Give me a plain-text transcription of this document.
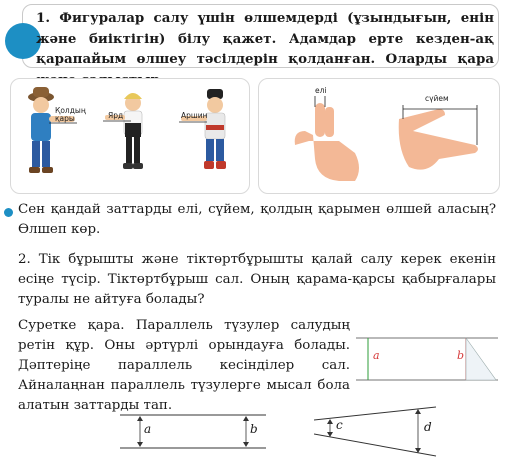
1. Фигуралар салу үшін өлшемдерді (ұзындығын, енін және биіктігін) білу қажет. Адамдар ерте кезден-ақ қарапайым өлшеу тәсілдерін қолданған. Оларды қара
Қолдың қары	Ярд	Аршин
елі
сүйем
Сен қандай заттарды елі, сүйем, қолдың қарымен өлшей аласың? Өлшеп көр.
2. Тік бұрышты және тіктөртбұрышты қалай салу керек екенін есіңе түсір. Тіктөртбұрыш сал. Оның қарама-қарсы қабырғалары туралы не айтуға болады?
Суретке қара. Параллель түзулер салудың ретін құр. Оны әртүрлі орындауға болады. Дәптеріңе параллель кесінділер сал. Айналаңнан параллель түзулерге мысал бола алатын заттарды тап.
a	b
a	b	c	d
